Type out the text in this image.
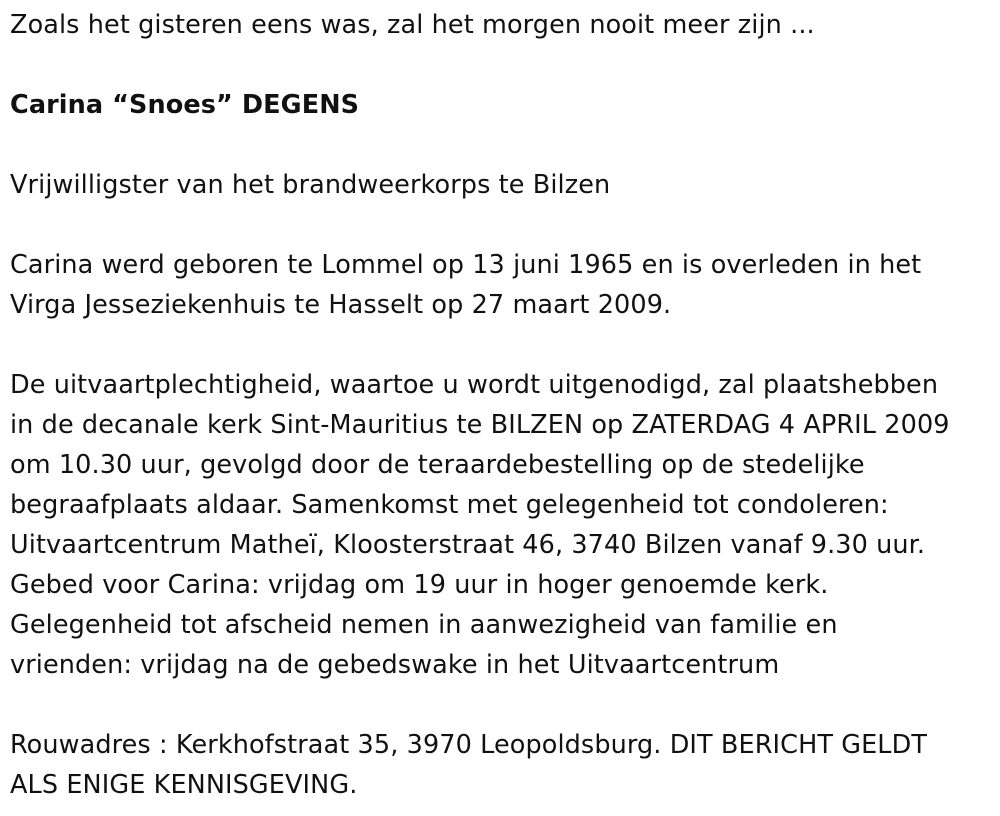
Zoals het gisteren eens was, zal het morgen nooit meer zijn ...

Carina “Snoes” DEGENS

Vrijwilligster van het brandweerkorps te Bilzen

Carina werd geboren te Lommel op 13 juni 1965 en is overleden in het
Virga Jesseziekenhuis te Hasselt op 27 maart 2009.

De uitvaartplechtigheid, waartoe u wordt uitgenodigd, zal plaatshebben
in de decanale kerk Sint-Mauritius te BILZEN op ZATERDAG 4 APRIL 2009
om 10.30 uur, gevolgd door de teraardebestelling op de stedelijke
begraafplaats aldaar. Samenkomst met gelegenheid tot condoleren:
Uitvaartcentrum Matheï, Kloosterstraat 46, 3740 Bilzen vanaf 9.30 uur.
Gebed voor Carina: vrijdag om 19 uur in hoger genoemde kerk.
Gelegenheid tot afscheid nemen in aanwezigheid van familie en
vrienden: vrijdag na de gebedswake in het Uitvaartcentrum

Rouwadres : Kerkhofstraat 35, 3970 Leopoldsburg. DIT BERICHT GELDT
ALS ENIGE KENNISGEVING.
